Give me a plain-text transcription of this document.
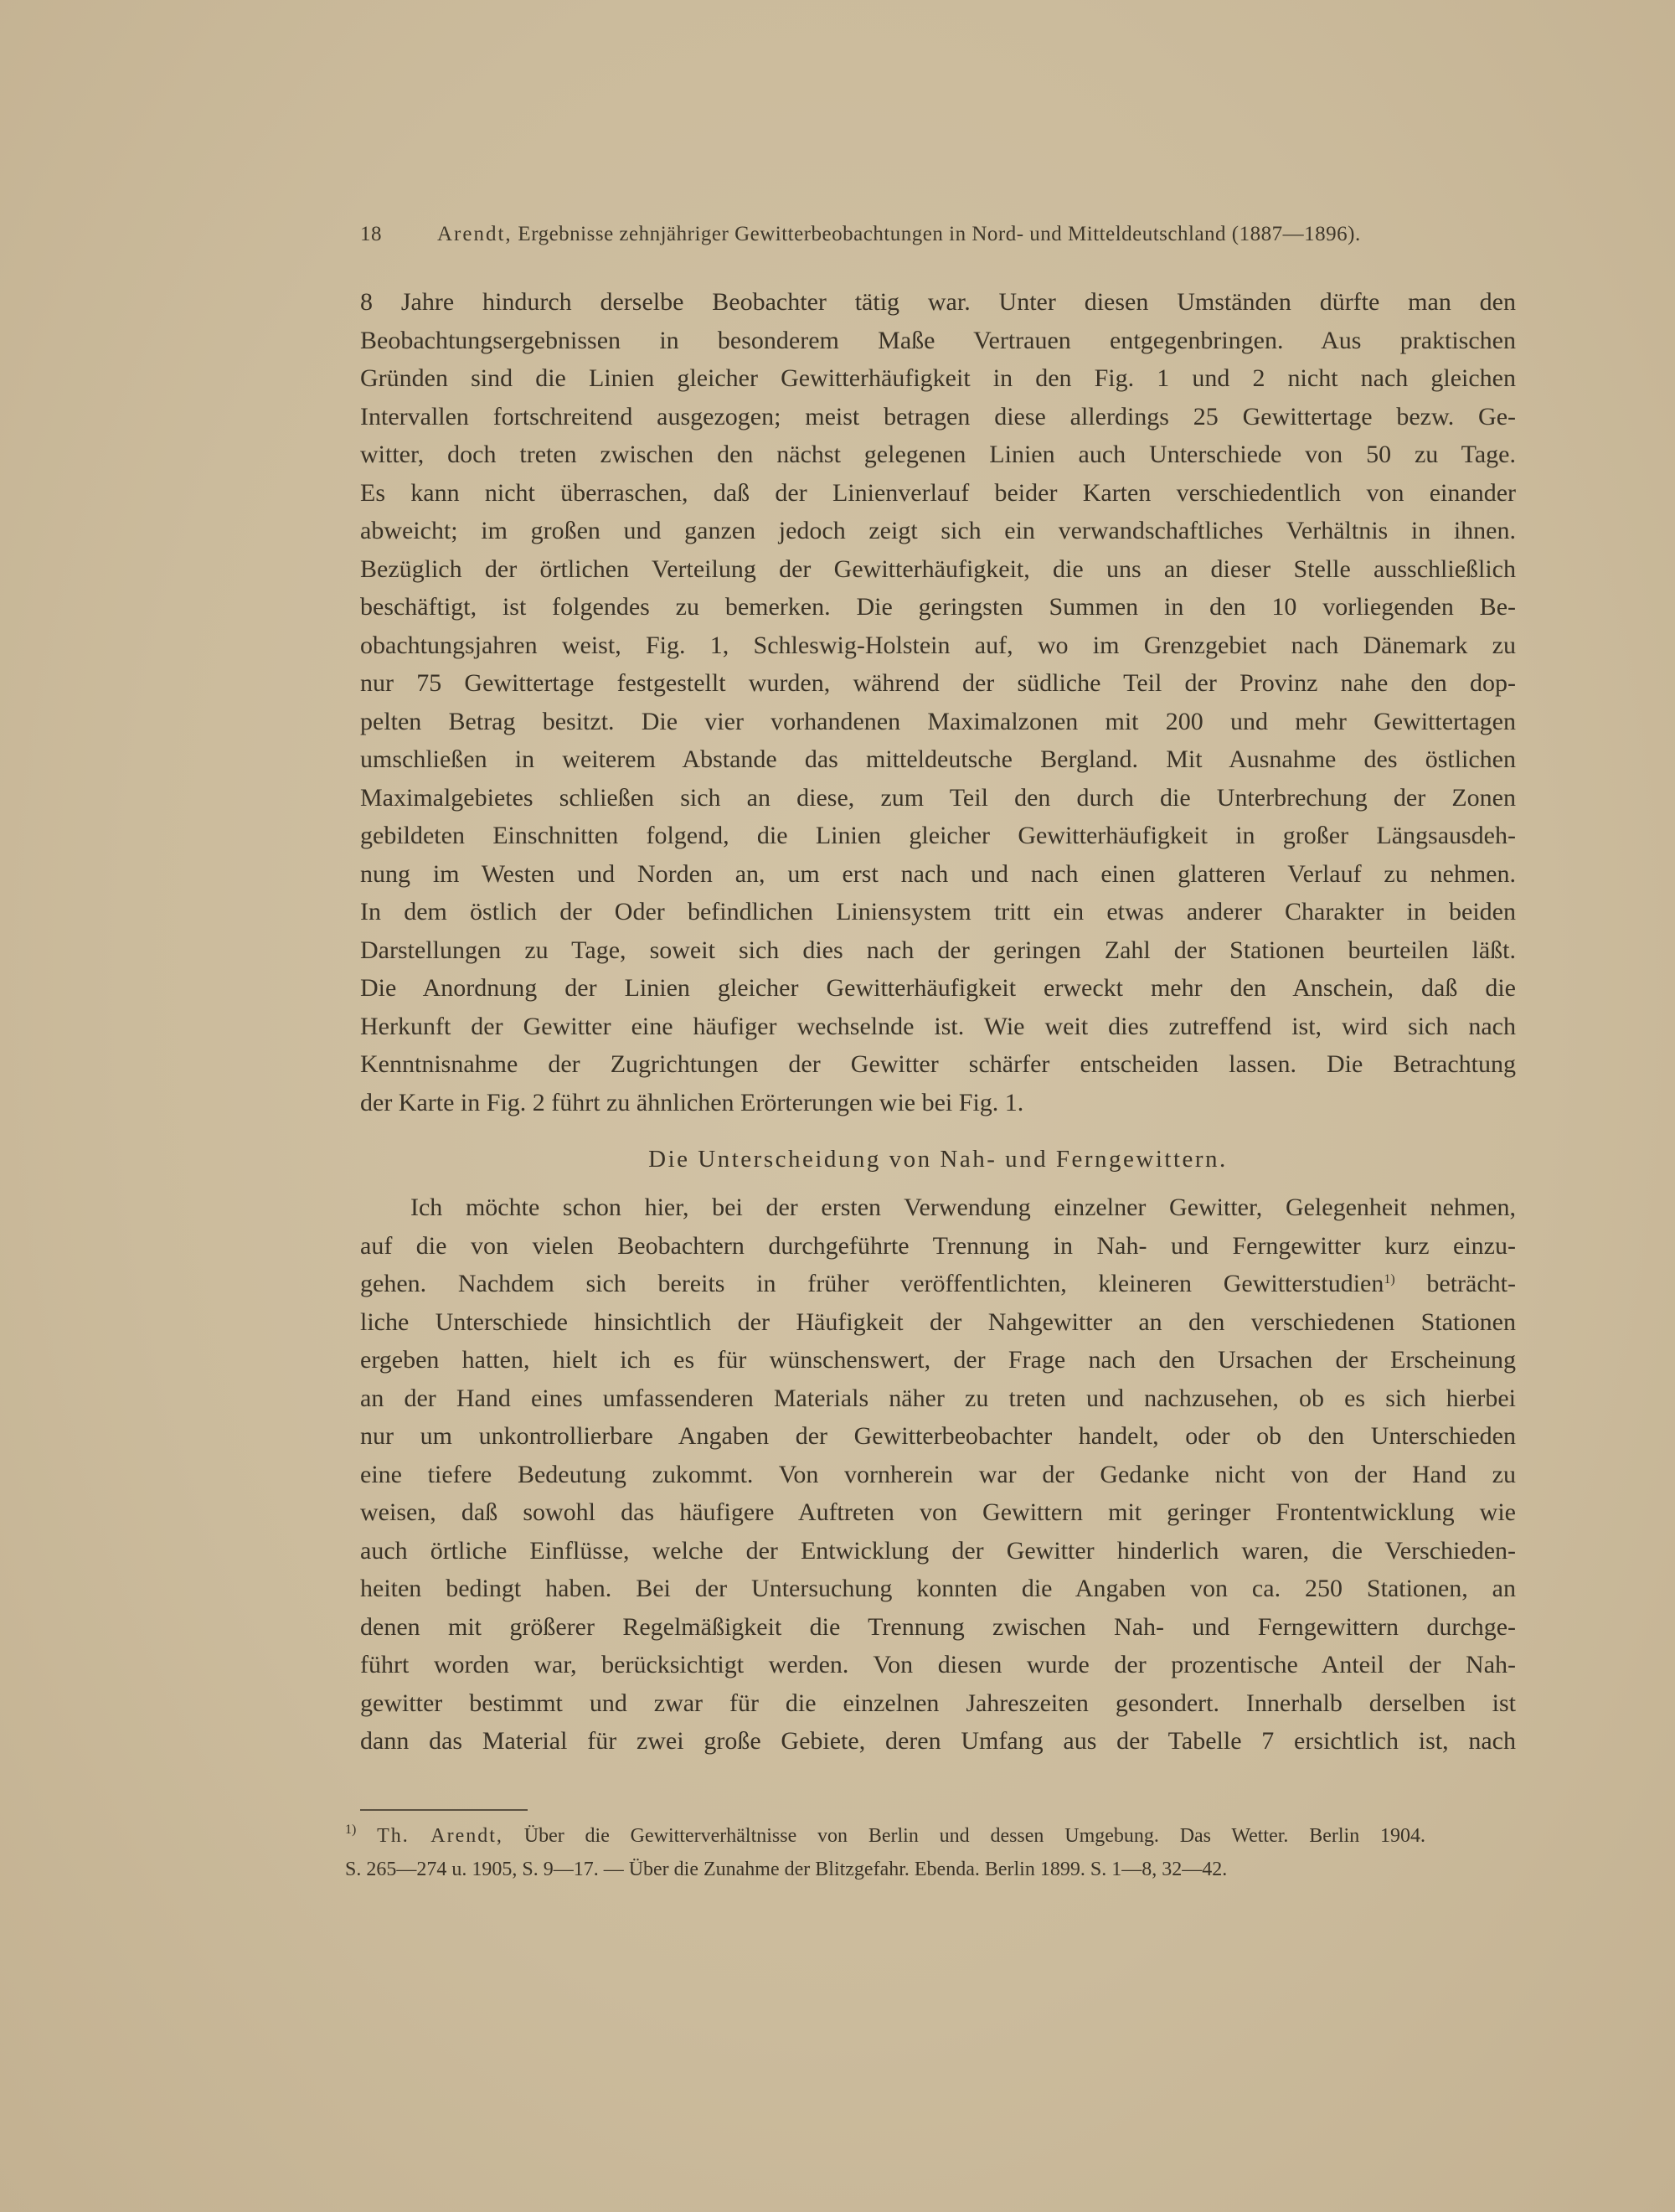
18	Arendt, Ergebnisse zehnjähriger Gewitterbeobachtungen in Nord- und Mitteldeutschland (1887—1896).

8 Jahre hindurch derselbe Beobachter tätig war. Unter diesen Umständen dürfte man den

Beobachtungsergebnissen in besonderem Maße Vertrauen entgegenbringen. Aus praktischen

Gründen sind die Linien gleicher Gewitterhäufigkeit in den Fig. 1 und 2 nicht nach gleichen

Intervallen fortschreitend ausgezogen; meist betragen diese allerdings 25 Gewittertage bezw. Ge-

witter, doch treten zwischen den nächst gelegenen Linien auch Unterschiede von 50 zu Tage.

Es kann nicht überraschen, daß der Linienverlauf beider Karten verschiedentlich von einander

abweicht; im großen und ganzen jedoch zeigt sich ein verwandschaftliches Verhältnis in ihnen.

Bezüglich der örtlichen Verteilung der Gewitterhäufigkeit, die uns an dieser Stelle ausschließlich

beschäftigt, ist folgendes zu bemerken. Die geringsten Summen in den 10 vorliegenden Be-

obachtungsjahren weist, Fig. 1, Schleswig-Holstein auf, wo im Grenzgebiet nach Dänemark zu

nur 75 Gewittertage festgestellt wurden, während der südliche Teil der Provinz nahe den dop-

pelten Betrag besitzt. Die vier vorhandenen Maximalzonen mit 200 und mehr Gewittertagen

umschließen in weiterem Abstande das mitteldeutsche Bergland. Mit Ausnahme des östlichen

Maximalgebietes schließen sich an diese, zum Teil den durch die Unterbrechung der Zonen

gebildeten Einschnitten folgend, die Linien gleicher Gewitterhäufigkeit in großer Längsausdeh-

nung im Westen und Norden an, um erst nach und nach einen glatteren Verlauf zu nehmen.

In dem östlich der Oder befindlichen Liniensystem tritt ein etwas anderer Charakter in beiden

Darstellungen zu Tage, soweit sich dies nach der geringen Zahl der Stationen beurteilen läßt.

Die Anordnung der Linien gleicher Gewitterhäufigkeit erweckt mehr den Anschein, daß die

Herkunft der Gewitter eine häufiger wechselnde ist. Wie weit dies zutreffend ist, wird sich nach

Kenntnisnahme der Zugrichtungen der Gewitter schärfer entscheiden lassen. Die Betrachtung

der Karte in Fig. 2 führt zu ähnlichen Erörterungen wie bei Fig. 1.

Die Unterscheidung von Nah- und Ferngewittern.

Ich möchte schon hier, bei der ersten Verwendung einzelner Gewitter, Gelegenheit nehmen,

auf die von vielen Beobachtern durchgeführte Trennung in Nah- und Ferngewitter kurz einzu-

gehen. Nachdem sich bereits in früher veröffentlichten, kleineren Gewitterstudien$^{1)}$ beträcht-

liche Unterschiede hinsichtlich der Häufigkeit der Nahgewitter an den verschiedenen Stationen

ergeben hatten, hielt ich es für wünschenswert, der Frage nach den Ursachen der Erscheinung

an der Hand eines umfassenderen Materials näher zu treten und nachzusehen, ob es sich hierbei

nur um unkontrollierbare Angaben der Gewitterbeobachter handelt, oder ob den Unterschieden

eine tiefere Bedeutung zukommt. Von vornherein war der Gedanke nicht von der Hand zu

weisen, daß sowohl das häufigere Auftreten von Gewittern mit geringer Frontentwicklung wie

auch örtliche Einflüsse, welche der Entwicklung der Gewitter hinderlich waren, die Verschieden-

heiten bedingt haben. Bei der Untersuchung konnten die Angaben von ca. 250 Stationen, an

denen mit größerer Regelmäßigkeit die Trennung zwischen Nah- und Ferngewittern durchge-

führt worden war, berücksichtigt werden. Von diesen wurde der prozentische Anteil der Nah-

gewitter bestimmt und zwar für die einzelnen Jahreszeiten gesondert. Innerhalb derselben ist

dann das Material für zwei große Gebiete, deren Umfang aus der Tabelle 7 ersichtlich ist, nach

$^{1)}$ Th. Arendt, Über die Gewitterverhältnisse von Berlin und dessen Umgebung. Das Wetter. Berlin 1904.

S. 265—274 u. 1905, S. 9—17. — Über die Zunahme der Blitzgefahr. Ebenda. Berlin 1899. S. 1—8, 32—42.
